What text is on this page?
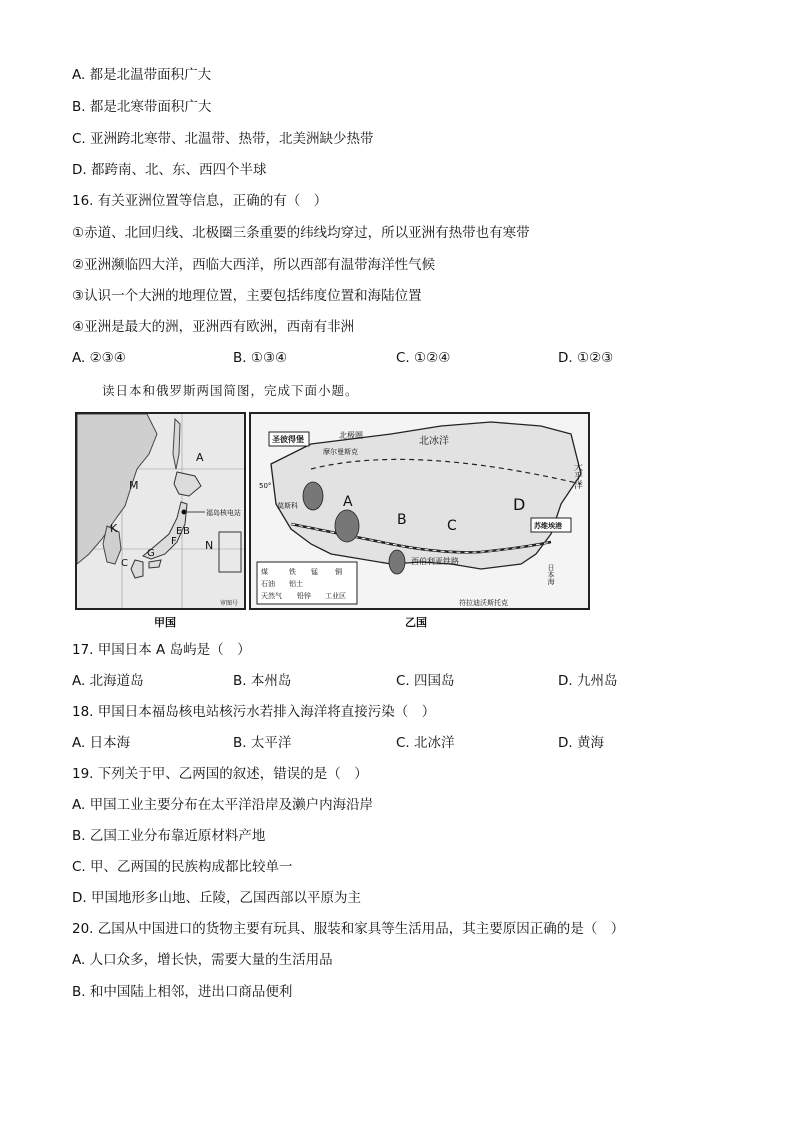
A. 都是北温带面积广大
B. 都是北寒带面积广大
C. 亚洲跨北寒带、北温带、热带，北美洲缺少热带
D. 都跨南、北、东、西四个半球
16. 有关亚洲位置等信息，正确的有（　）
①赤道、北回归线、北极圈三条重要的纬线均穿过，所以亚洲有热带也有寒带
②亚洲濒临四大洋，西临大西洋，所以西部有温带海洋性气候
③认识一个大洲的地理位置，主要包括纬度位置和海陆位置
④亚洲是最大的洲，亚洲西有欧洲，西南有非洲
A. ②③④	B. ①③④	C. ①②④	D. ①②③
读日本和俄罗斯两国简图，完成下面小题。
A
M
K
C
G
F
E B
N
福岛核电站
审图号
甲国
圣彼得堡
苏维埃港
北极圈
摩尔曼斯克
北冰洋
50°
莫斯科
大平洋
日本海
符拉迪沃斯托克
西伯利亚铁路
A
B	C
D
煤	铁 锰 铜
石油 铝土
天然气 铅锌 工业区
乙国
17. 甲国日本 A 岛屿是（　）
A. 北海道岛	B. 本州岛	C. 四国岛	D. 九州岛
18. 甲国日本福岛核电站核污水若排入海洋将直接污染（　）
A. 日本海	B. 太平洋	C. 北冰洋	D. 黄海
19. 下列关于甲、乙两国的叙述，错误的是（　）
A. 甲国工业主要分布在太平洋沿岸及濑户内海沿岸
B. 乙国工业分布靠近原材料产地
C. 甲、乙两国的民族构成都比较单一
D. 甲国地形多山地、丘陵，乙国西部以平原为主
20. 乙国从中国进口的货物主要有玩具、服装和家具等生活用品，其主要原因正确的是（　）
A. 人口众多，增长快，需要大量的生活用品
B. 和中国陆上相邻，进出口商品便利
